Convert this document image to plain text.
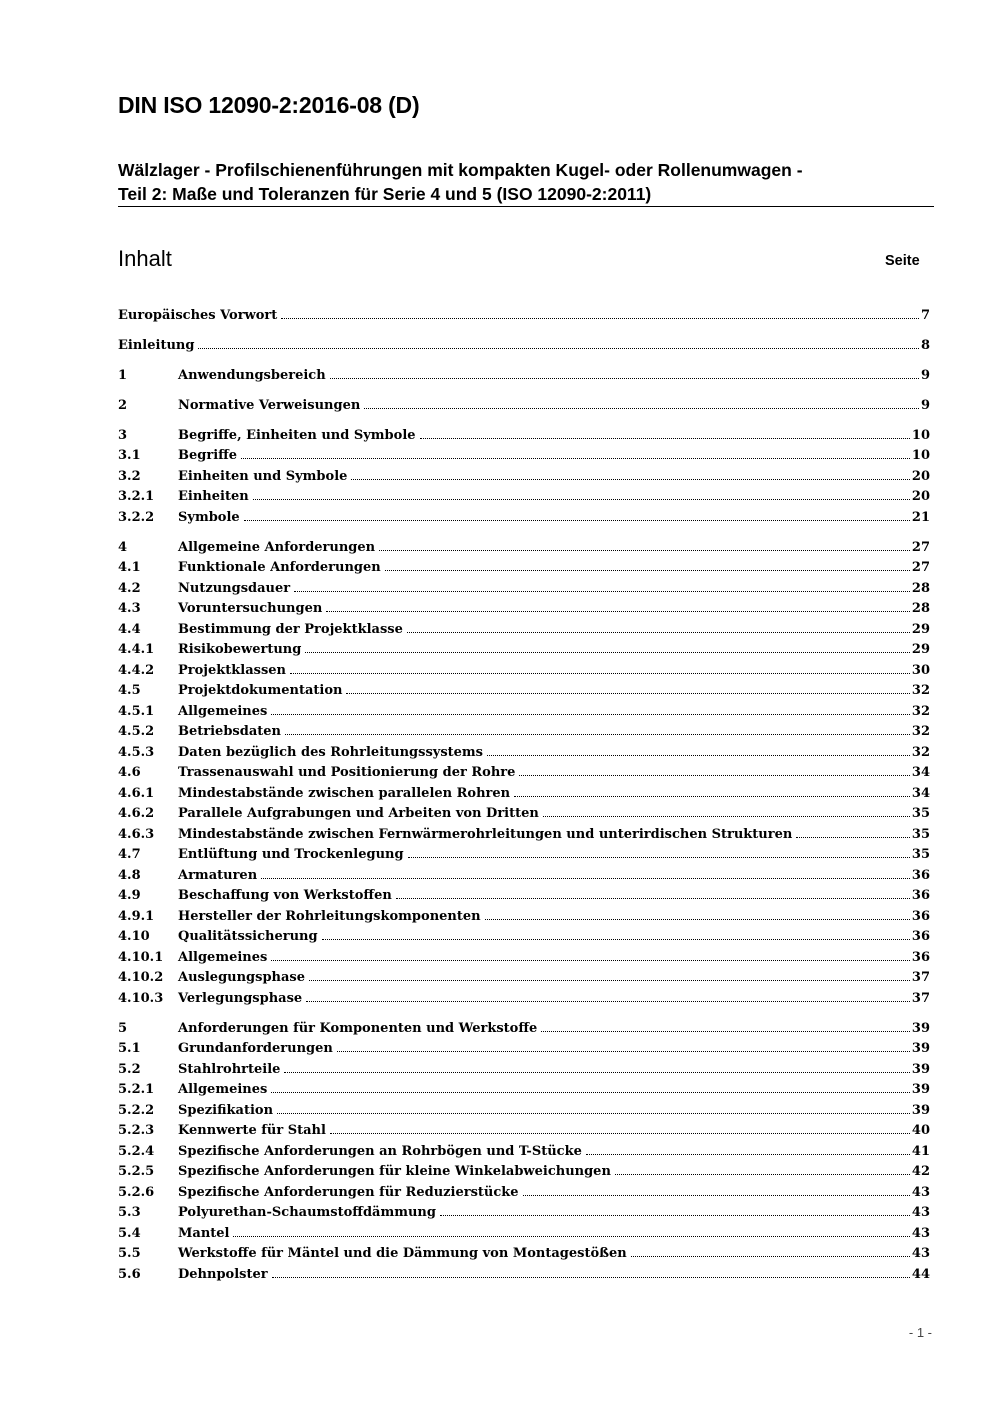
DIN ISO 12090-2:2016-08 (D)
Wälzlager - Profilschienenführungen mit kompakten Kugel- oder Rollenumwagen -
Teil 2: Maße und Toleranzen für Serie 4 und 5 (ISO 12090-2:2011)
Inhalt	Seite
Europäisches Vorwort	7
Einleitung	8
1	Anwendungsbereich	9
2	Normative Verweisungen	9
3	Begriffe, Einheiten und Symbole	10
3.1	Begriffe	10
3.2	Einheiten und Symbole	20
3.2.1	Einheiten	20
3.2.2	Symbole	21
4	Allgemeine Anforderungen	27
4.1	Funktionale Anforderungen	27
4.2	Nutzungsdauer	28
4.3	Voruntersuchungen	28
4.4	Bestimmung der Projektklasse	29
4.4.1	Risikobewertung	29
4.4.2	Projektklassen	30
4.5	Projektdokumentation	32
4.5.1	Allgemeines	32
4.5.2	Betriebsdaten	32
4.5.3	Daten bezüglich des Rohrleitungssystems	32
4.6	Trassenauswahl und Positionierung der Rohre	34
4.6.1	Mindestabstände zwischen parallelen Rohren	34
4.6.2	Parallele Aufgrabungen und Arbeiten von Dritten	35
4.6.3	Mindestabstände zwischen Fernwärmerohrleitungen und unterirdischen Strukturen	35
4.7	Entlüftung und Trockenlegung	35
4.8	Armaturen	36
4.9	Beschaffung von Werkstoffen	36
4.9.1	Hersteller der Rohrleitungskomponenten	36
4.10	Qualitätssicherung	36
4.10.1	Allgemeines	36
4.10.2	Auslegungsphase	37
4.10.3	Verlegungsphase	37
5	Anforderungen für Komponenten und Werkstoffe	39
5.1	Grundanforderungen	39
5.2	Stahlrohrteile	39
5.2.1	Allgemeines	39
5.2.2	Spezifikation	39
5.2.3	Kennwerte für Stahl	40
5.2.4	Spezifische Anforderungen an Rohrbögen und T-Stücke	41
5.2.5	Spezifische Anforderungen für kleine Winkelabweichungen	42
5.2.6	Spezifische Anforderungen für Reduzierstücke	43
5.3	Polyurethan-Schaumstoffdämmung	43
5.4	Mantel	43
5.5	Werkstoffe für Mäntel und die Dämmung von Montagestößen	43
5.6	Dehnpolster	44
- 1 -
